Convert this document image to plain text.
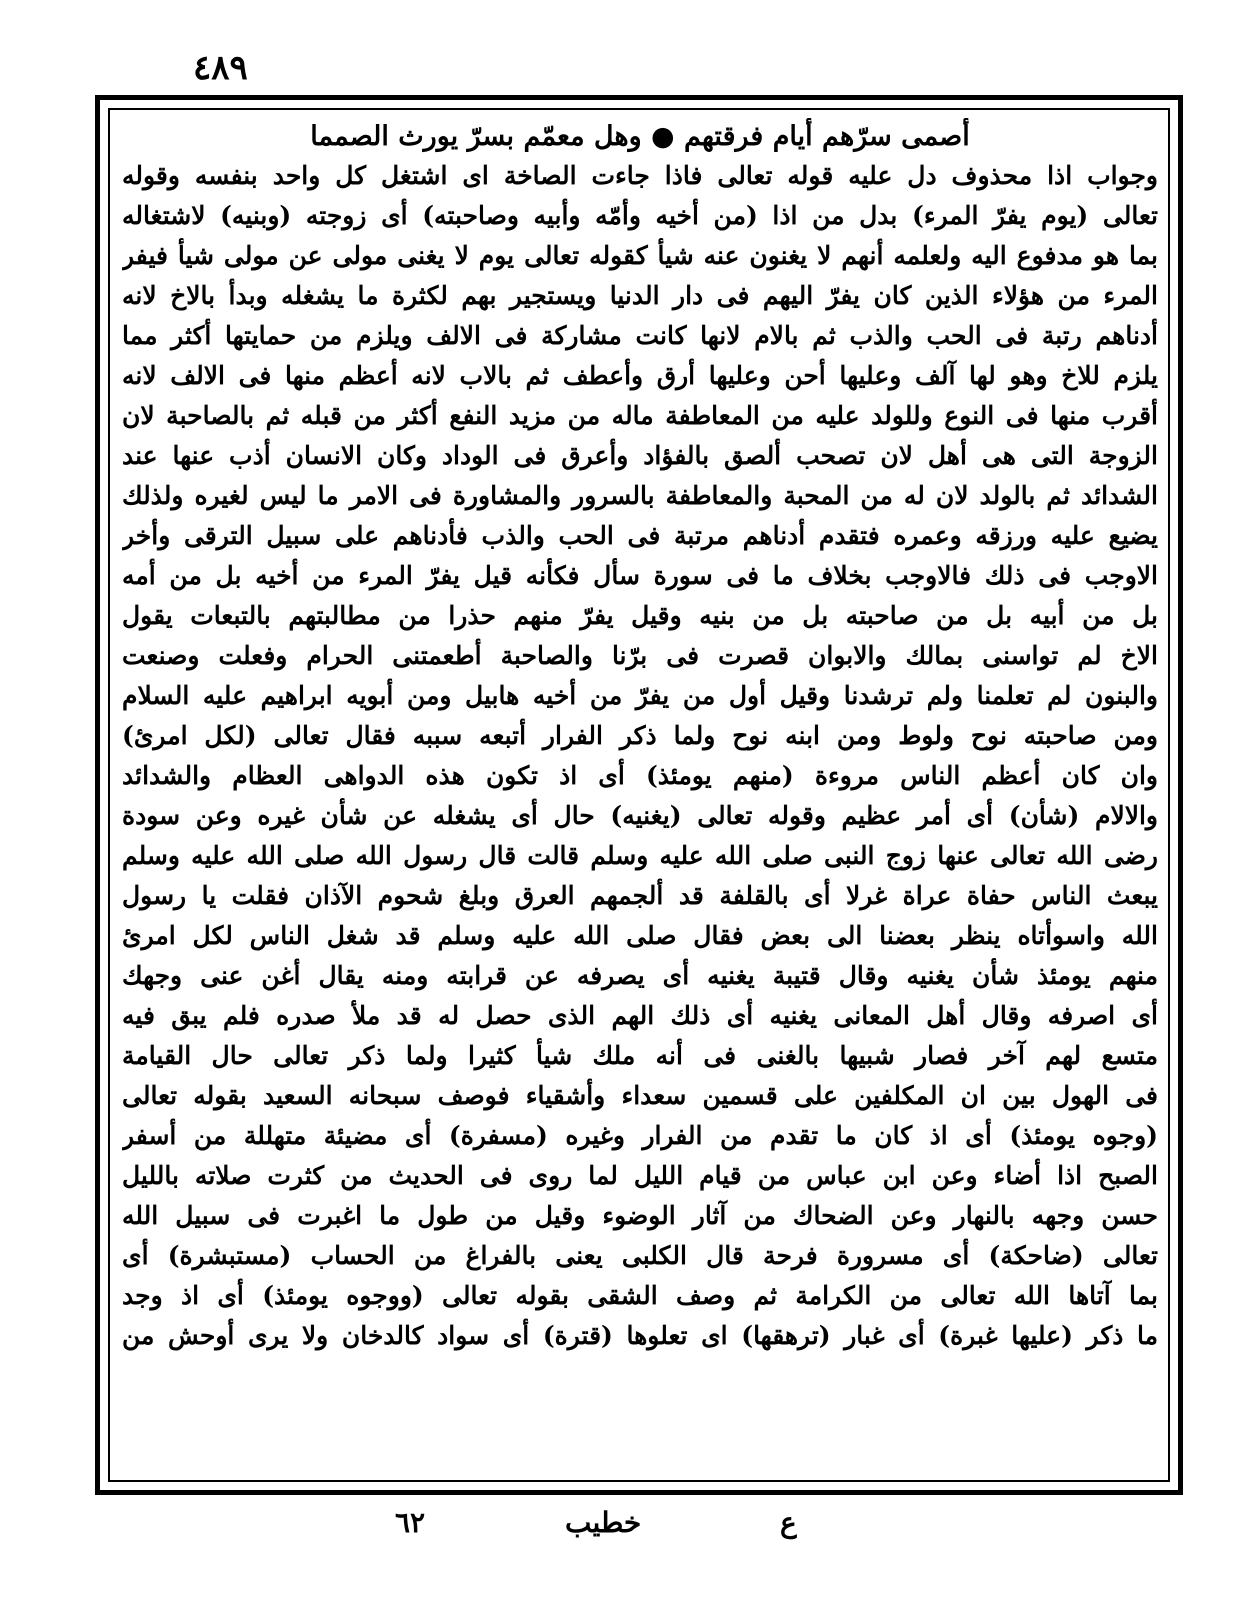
٤٨٩
أصمى سرّهم أيام فرقتهم ● وهل معمّم بسرّ يورث الصمما
وجواب اذا محذوف دل عليه قوله تعالى فاذا جاءت الصاخة اى اشتغل كل واحد بنفسه وقوله
تعالى (يوم يفرّ المرء) بدل من اذا (من أخيه وأمّه وأبيه وصاحبته) أى زوجته (وبنيه) لاشتغاله
بما هو مدفوع اليه ولعلمه أنهم لا يغنون عنه شيأ كقوله تعالى يوم لا يغنى مولى عن مولى شيأ فيفر
المرء من هؤلاء الذين كان يفرّ اليهم فى دار الدنيا ويستجير بهم لكثرة ما يشغله وبدأ بالاخ لانه
أدناهم رتبة فى الحب والذب ثم بالام لانها كانت مشاركة فى الالف ويلزم من حمايتها أكثر مما
يلزم للاخ وهو لها آلف وعليها أحن وعليها أرق وأعطف ثم بالاب لانه أعظم منها فى الالف لانه
أقرب منها فى النوع وللولد عليه من المعاطفة ماله من مزيد النفع أكثر من قبله ثم بالصاحبة لان
الزوجة التى هى أهل لان تصحب ألصق بالفؤاد وأعرق فى الوداد وكان الانسان أذب عنها عند
الشدائد ثم بالولد لان له من المحبة والمعاطفة بالسرور والمشاورة فى الامر ما ليس لغيره ولذلك
يضيع عليه ورزقه وعمره فتقدم أدناهم مرتبة فى الحب والذب فأدناهم على سبيل الترقى وأخر
الاوجب فى ذلك فالاوجب بخلاف ما فى سورة سأل فكأنه قيل يفرّ المرء من أخيه بل من أمه
بل من أبيه بل من صاحبته بل من بنيه وقيل يفرّ منهم حذرا من مطالبتهم بالتبعات يقول
الاخ لم تواسنى بمالك والابوان قصرت فى برّنا والصاحبة أطعمتنى الحرام وفعلت وصنعت
والبنون لم تعلمنا ولم ترشدنا وقيل أول من يفرّ من أخيه هابيل ومن أبويه ابراهيم عليه السلام
ومن صاحبته نوح ولوط ومن ابنه نوح ولما ذكر الفرار أتبعه سببه فقال تعالى (لكل امرئ)
وان كان أعظم الناس مروءة (منهم يومئذ) أى اذ تكون هذه الدواهى العظام والشدائد
والالام (شأن) أى أمر عظيم وقوله تعالى (يغنيه) حال أى يشغله عن شأن غيره وعن سودة
رضى الله تعالى عنها زوج النبى صلى الله عليه وسلم قالت قال رسول الله صلى الله عليه وسلم
يبعث الناس حفاة عراة غرلا أى بالقلفة قد ألجمهم العرق وبلغ شحوم الآذان فقلت يا رسول
الله واسوأتاه ينظر بعضنا الى بعض فقال صلى الله عليه وسلم قد شغل الناس لكل امرئ
منهم يومئذ شأن يغنيه وقال قتيبة يغنيه أى يصرفه عن قرابته ومنه يقال أغن عنى وجهك
أى اصرفه وقال أهل المعانى يغنيه أى ذلك الهم الذى حصل له قد ملأ صدره فلم يبق فيه
متسع لهم آخر فصار شبيها بالغنى فى أنه ملك شيأ كثيرا ولما ذكر تعالى حال القيامة
فى الهول بين ان المكلفين على قسمين سعداء وأشقياء فوصف سبحانه السعيد بقوله تعالى
(وجوه يومئذ) أى اذ كان ما تقدم من الفرار وغيره (مسفرة) أى مضيئة متهللة من أسفر
الصبح اذا أضاء وعن ابن عباس من قيام الليل لما روى فى الحديث من كثرت صلاته بالليل
حسن وجهه بالنهار وعن الضحاك من آثار الوضوء وقيل من طول ما اغبرت فى سبيل الله
تعالى (ضاحكة) أى مسرورة فرحة قال الكلبى يعنى بالفراغ من الحساب (مستبشرة) أى
بما آتاها الله تعالى من الكرامة ثم وصف الشقى بقوله تعالى (ووجوه يومئذ) أى اذ وجد
ما ذكر (عليها غبرة) أى غبار (ترهقها) اى تعلوها (قترة) أى سواد كالدخان ولا يرى أوحش من
ع
خطيب
٦٢
